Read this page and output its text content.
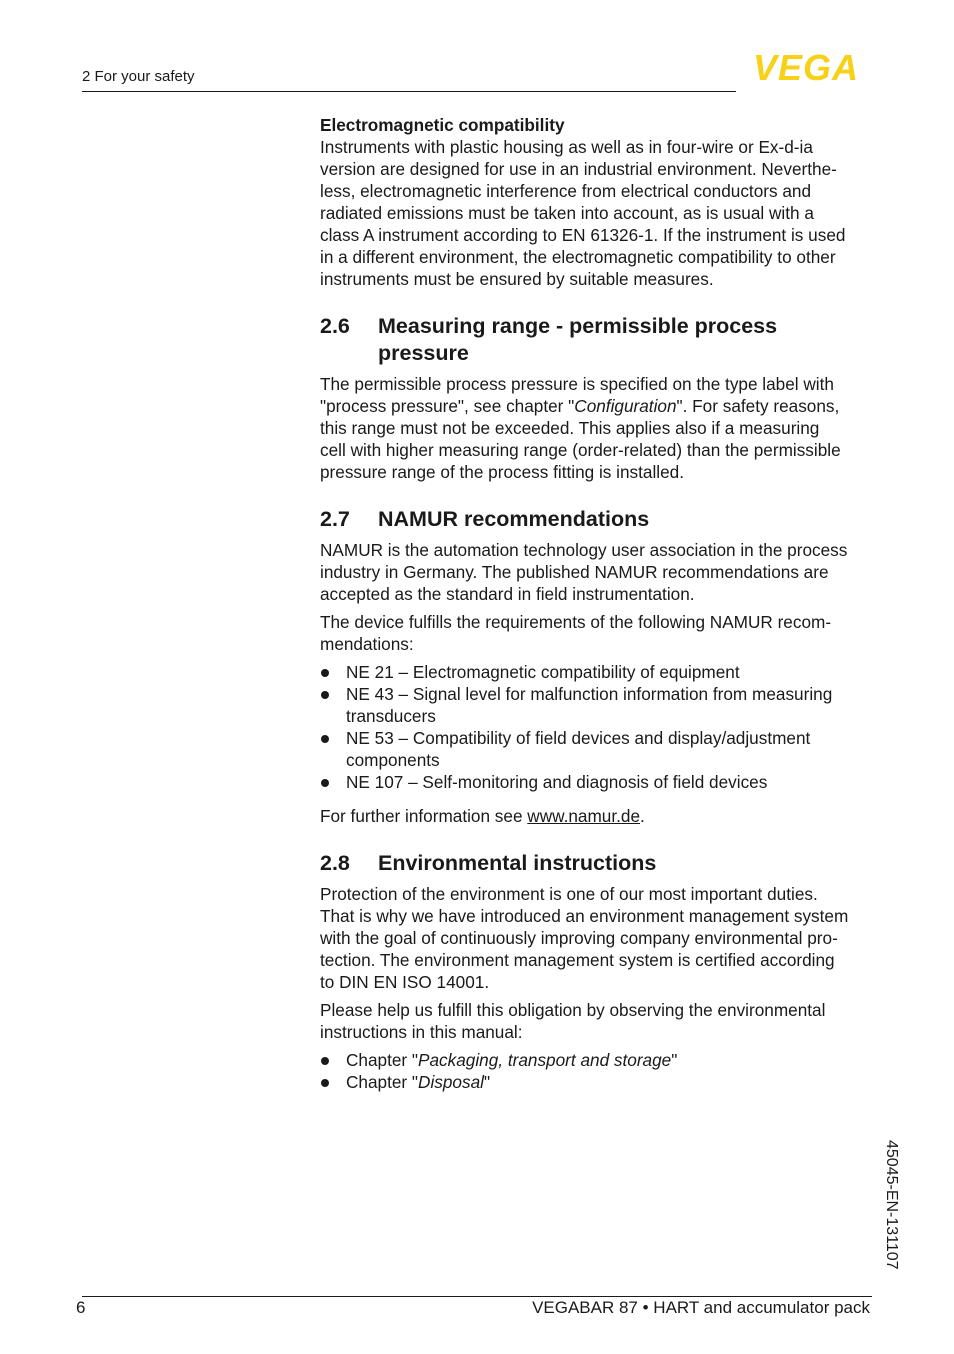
2 For your safety	VEGA
Electromagnetic compatibility

Instruments with plastic housing as well as in four-wire or Ex-d-ia
version are designed for use in an industrial environment. Neverthe-
less, electromagnetic interference from electrical conductors and
radiated emissions must be taken into account, as is usual with a
class A instrument according to EN 61326-1. If the instrument is used
in a different environment, the electromagnetic compatibility to other
instruments must be ensured by suitable measures.

2.6	Measuring range - permissible process
pressure

The permissible process pressure is specified on the type label with
"process pressure", see chapter "Configuration". For safety reasons,
this range must not be exceeded. This applies also if a measuring
cell with higher measuring range (order-related) than the permissible
pressure range of the process fitting is installed.

2.7	NAMUR recommendations

NAMUR is the automation technology user association in the process
industry in Germany. The published NAMUR recommendations are
accepted as the standard in field instrumentation.

The device fulfills the requirements of the following NAMUR recom-
mendations:

NE 21 – Electromagnetic compatibility of equipment
NE 43 – Signal level for malfunction information from measuring
transducers
NE 53 – Compatibility of field devices and display/adjustment
components
NE 107 – Self-monitoring and diagnosis of field devices

For further information see www.namur.de.

2.8	Environmental instructions

Protection of the environment is one of our most important duties.
That is why we have introduced an environment management system
with the goal of continuously improving company environmental pro-
tection. The environment management system is certified according
to DIN EN ISO 14001.

Please help us fulfill this obligation by observing the environmental
instructions in this manual:

Chapter "Packaging, transport and storage"
Chapter "Disposal"
45045-EN-131107
6	VEGABAR 87 • HART and accumulator pack
